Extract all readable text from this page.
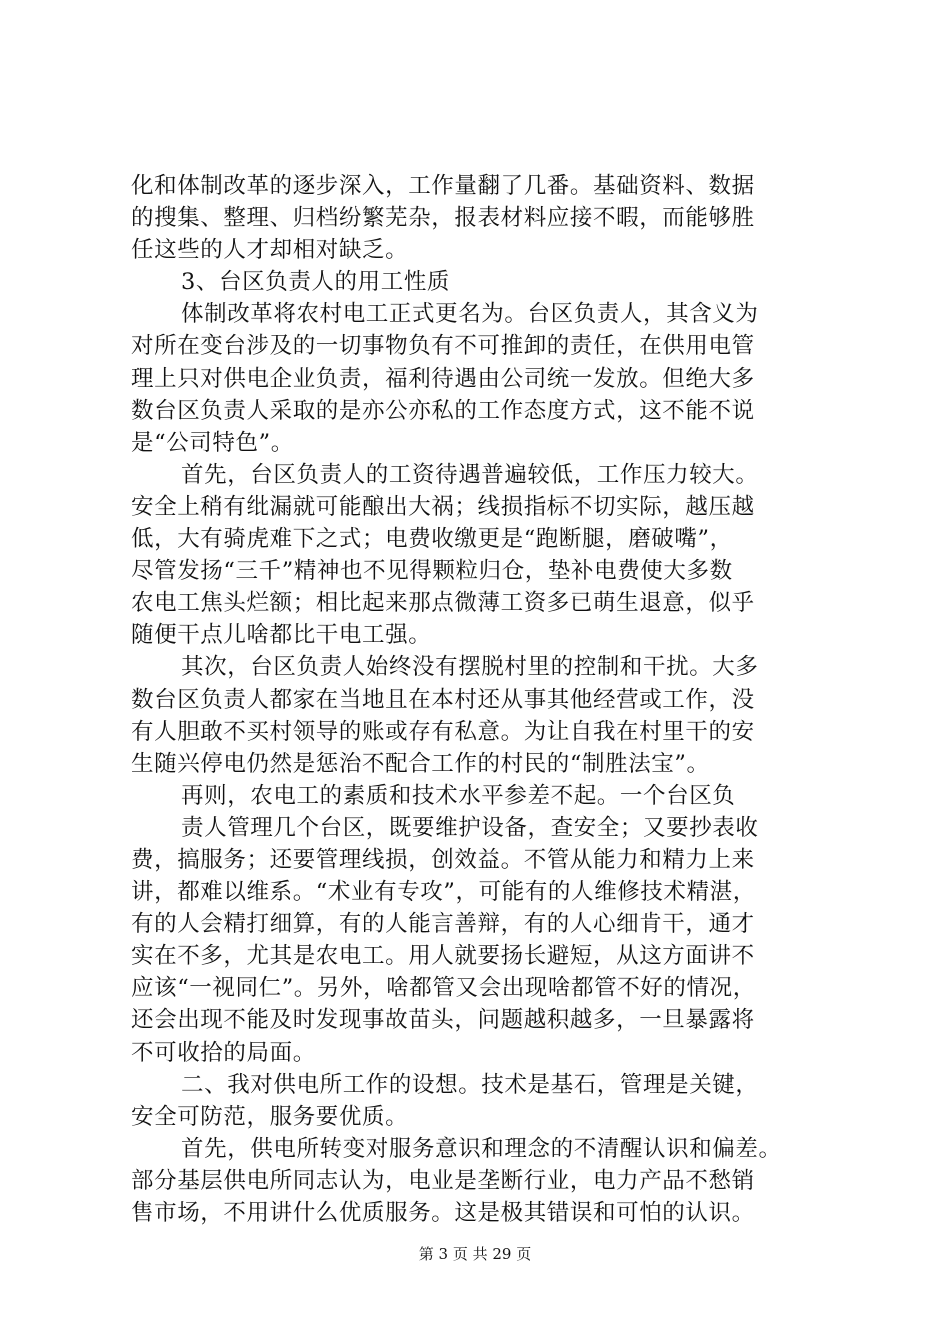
化和体制改革的逐步深入，工作量翻了几番。基础资料、数据
的搜集、整理、归档纷繁芜杂，报表材料应接不暇，而能够胜
任这些的人才却相对缺乏。
3、台区负责人的用工性质
体制改革将农村电工正式更名为。台区负责人，其含义为
对所在变台涉及的一切事物负有不可推卸的责任，在供用电管
理上只对供电企业负责，福利待遇由公司统一发放。但绝大多
数台区负责人采取的是亦公亦私的工作态度方式，这不能不说
是“公司特色”。
首先，台区负责人的工资待遇普遍较低，工作压力较大。
安全上稍有纰漏就可能酿出大祸；线损指标不切实际，越压越
低，大有骑虎难下之式；电费收缴更是“跑断腿，磨破嘴”，
尽管发扬“三千”精神也不见得颗粒归仓，垫补电费使大多数
农电工焦头烂额；相比起来那点微薄工资多已萌生退意，似乎
随便干点儿啥都比干电工强。
其次，台区负责人始终没有摆脱村里的控制和干扰。大多
数台区负责人都家在当地且在本村还从事其他经营或工作，没
有人胆敢不买村领导的账或存有私意。为让自我在村里干的安
生随兴停电仍然是惩治不配合工作的村民的“制胜法宝”。
再则，农电工的素质和技术水平参差不起。一个台区负
责人管理几个台区，既要维护设备，查安全；又要抄表收
费，搞服务；还要管理线损，创效益。不管从能力和精力上来
讲，都难以维系。“术业有专攻”，可能有的人维修技术精湛，
有的人会精打细算，有的人能言善辩，有的人心细肯干，通才
实在不多，尤其是农电工。用人就要扬长避短，从这方面讲不
应该“一视同仁”。另外，啥都管又会出现啥都管不好的情况，
还会出现不能及时发现事故苗头，问题越积越多，一旦暴露将
不可收拾的局面。
二、我对供电所工作的设想。技术是基石，管理是关键，
安全可防范，服务要优质。
首先，供电所转变对服务意识和理念的不清醒认识和偏差。
部分基层供电所同志认为，电业是垄断行业，电力产品不愁销
售市场，不用讲什么优质服务。这是极其错误和可怕的认识。
第 3 页 共 29 页
